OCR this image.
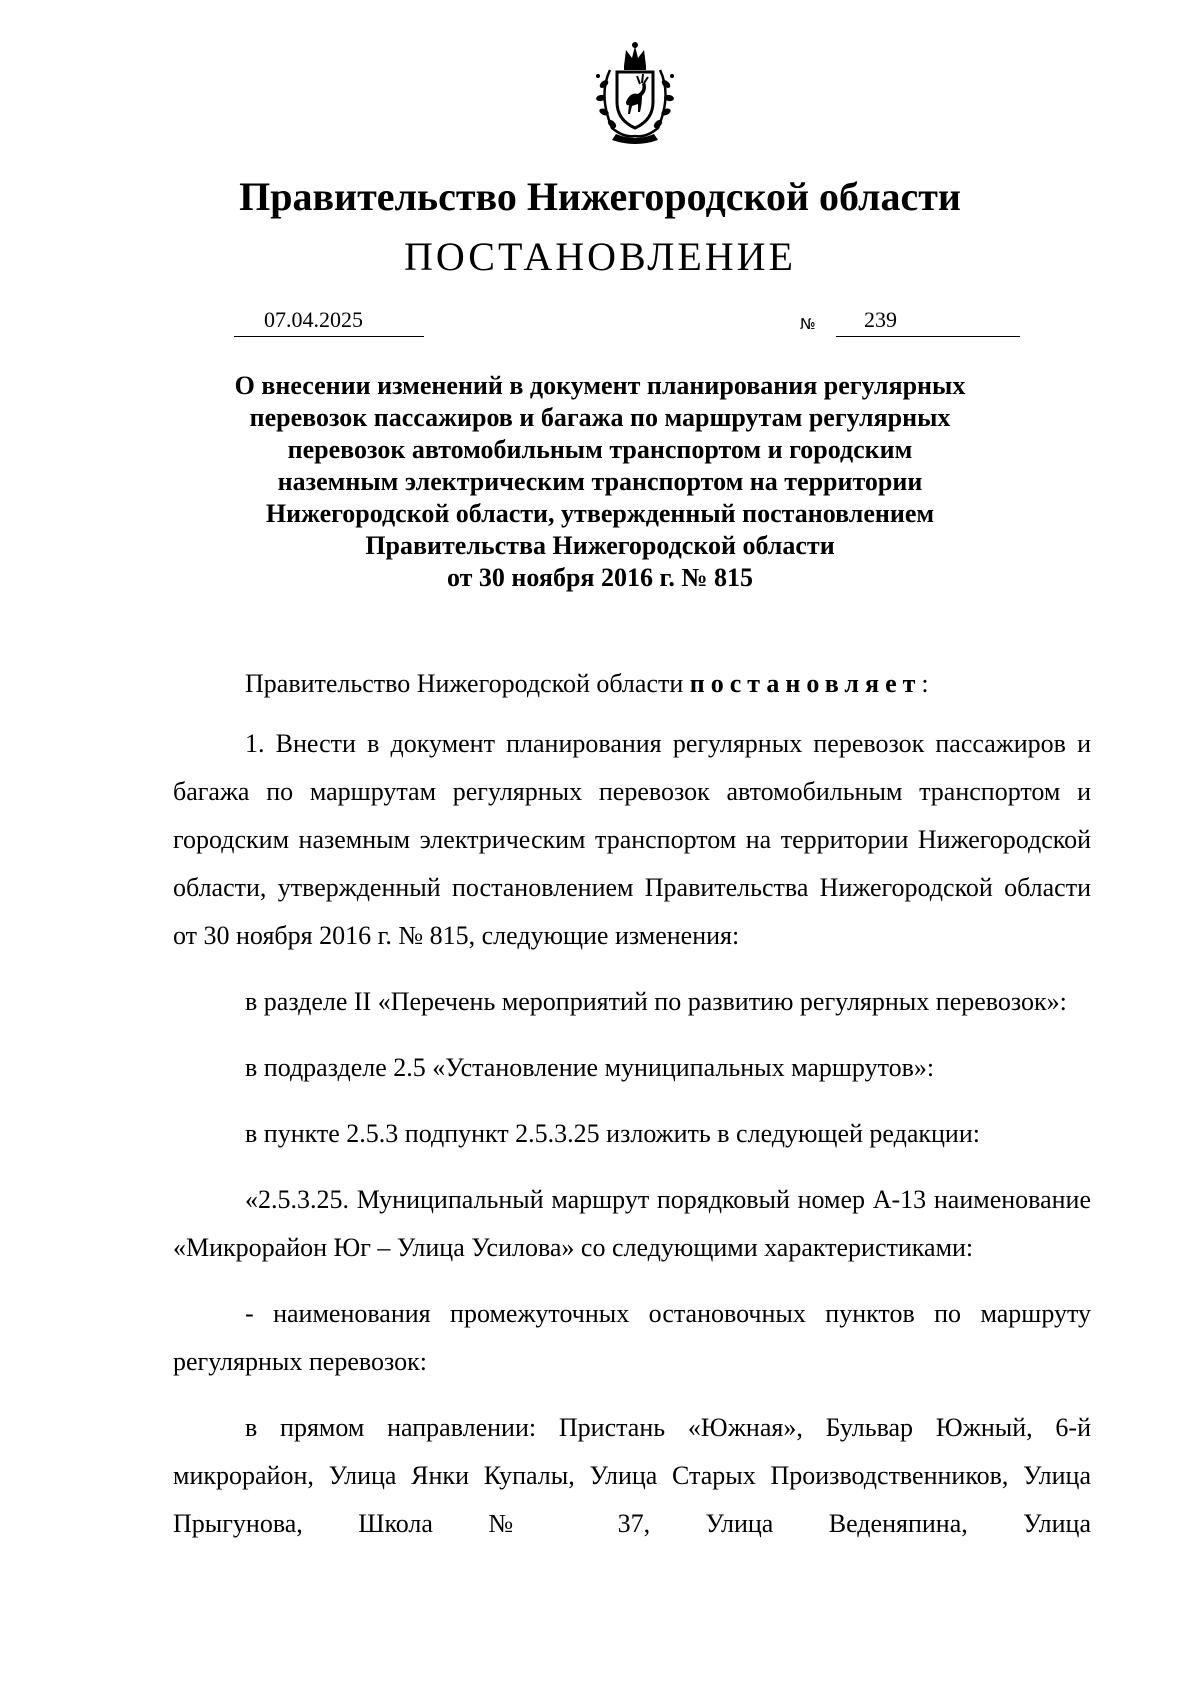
Правительство Нижегородской области
ПОСТАНОВЛЕНИЕ
07.04.2025	№ 239
О внесении изменений в документ планирования регулярных
перевозок пассажиров и багажа по маршрутам регулярных
перевозок автомобильным транспортом и городским
наземным электрическим транспортом на территории
Нижегородской области, утвержденный постановлением
Правительства Нижегородской области
от 30 ноября 2016 г. № 815

Правительство Нижегородской области постановляет:

1. Внести в документ планирования регулярных перевозок пассажиров и багажа по маршрутам регулярных перевозок автомобильным транспортом и городским наземным электрическим транспортом на территории Нижегородской области, утвержденный постановлением Правительства Нижегородской области от 30 ноября 2016 г. № 815, следующие изменения:

в разделе II «Перечень мероприятий по развитию регулярных перевозок»:

в подразделе 2.5 «Установление муниципальных маршрутов»:

в пункте 2.5.3 подпункт 2.5.3.25 изложить в следующей редакции:

«2.5.3.25. Муниципальный маршрут порядковый номер А-13 наименование «Микрорайон Юг – Улица Усилова» со следующими характеристиками:

- наименования промежуточных остановочных пунктов по маршруту регулярных перевозок:

в прямом направлении: Пристань «Южная», Бульвар Южный, 6-й микрорайон, Улица Янки Купалы, Улица Старых Производственников, Улица Прыгунова, Школа № 37, Улица Веденяпина, Улица
